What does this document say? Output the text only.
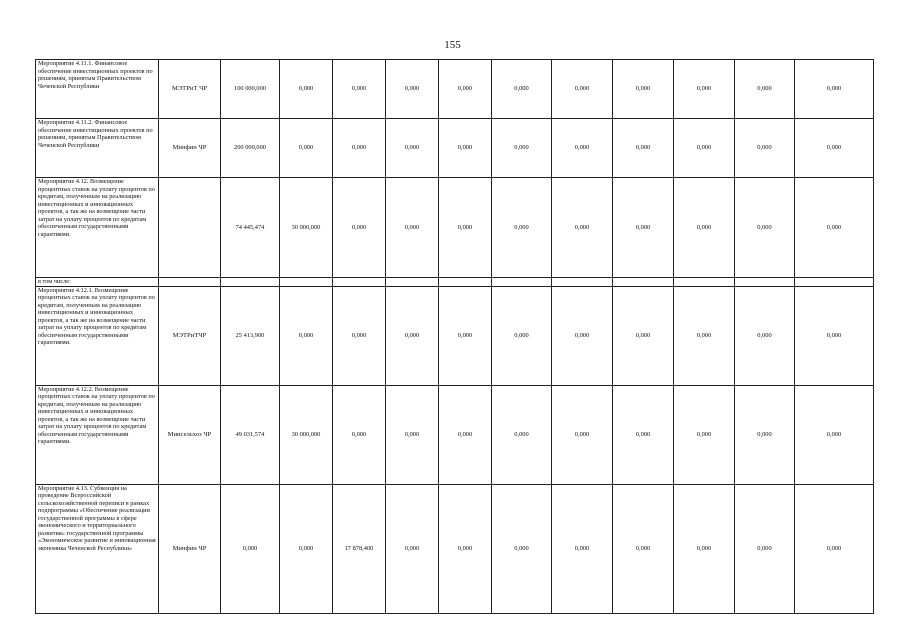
155
Мероприятие 4.11.1. Финансовое обеспечение инвестиционных проектов по решениям, принятым Правительством Чеченской Республики	МЭТРиТ ЧР	100 000,000	0,000	0,000	0,000	0,000	0,000	0,000	0,000	0,000	0,000	0,000
Мероприятие 4.11.2. Финансовое обеспечение инвестиционных проектов по решениям, принятым Правительством Чеченской Республики	Минфин ЧР	200 000,000	0,000	0,000	0,000	0,000	0,000	0,000	0,000	0,000	0,000	0,000
Мероприятие 4.12. Возмещение процентных ставок на уплату процентов по кредитам, полученным на реализацию инвестиционных и инновационных проектов, а так же на возмещение части затрат на уплату процентов по кредитам обеспеченным государственными гарантиями.		74 445,474	30 000,000	0,000	0,000	0,000	0,000	0,000	0,000	0,000	0,000	0,000
в том числе:												
Мероприятие 4.12.1. Возмещение процентных ставок на уплату процентов по кредитам, полученным на реализацию инвестиционных и инновационных проектов, а так же на возмещение части затрат на уплату процентов по кредитам обеспеченным государственными гарантиями.	МЭТРиТЧР	25 413,900	0,000	0,000	0,000	0,000	0,000	0,000	0,000	0,000	0,000	0,000
Мероприятие 4.12.2. Возмещение процентных ставок на уплату процентов по кредитам, полученным на реализацию инвестиционных и инновационных проектов, а так же на возмещение части затрат на уплату процентов по кредитам обеспеченным государственными гарантиями.	Минсельхоз ЧР	49 031,574	30 000,000	0,000	0,000	0,000	0,000	0,000	0,000	0,000	0,000	0,000
Мероприятие 4.13. Субвенция на проведение Всероссийской сельскохозяйственной переписи в рамках подпрограммы «Обеспечение реализации государственной программы в сфере экономического и территориального развития» государственной программы «Экономическое развитие и инновационная экономика Чеченской Республики»	Минфин ЧР	0,000	0,000	17 878,400	0,000	0,000	0,000	0,000	0,000	0,000	0,000	0,000
